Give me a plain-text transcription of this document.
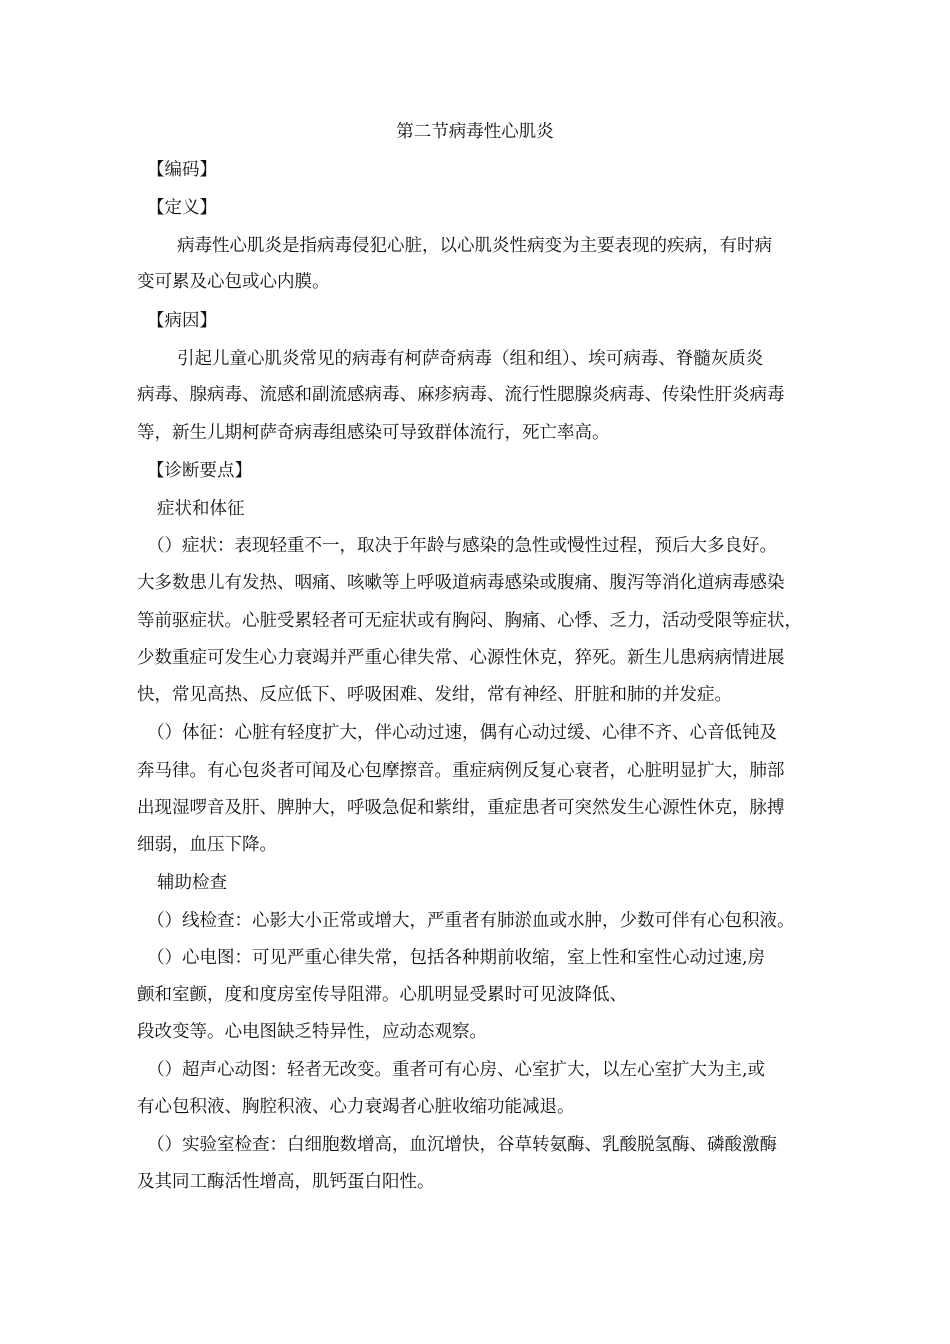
第二节病毒性心肌炎
【编码】
【定义】
病毒性心肌炎是指病毒侵犯心脏，以心肌炎性病变为主要表现的疾病，有时病
变可累及心包或心内膜。
【病因】
引起儿童心肌炎常见的病毒有柯萨奇病毒（组和组）、埃可病毒、脊髓灰质炎
病毒、腺病毒、流感和副流感病毒、麻疹病毒、流行性腮腺炎病毒、传染性肝炎病毒
等，新生儿期柯萨奇病毒组感染可导致群体流行，死亡率高。
【诊断要点】
症状和体征
（）症状：表现轻重不一，取决于年龄与感染的急性或慢性过程，预后大多良好。
大多数患儿有发热、咽痛、咳嗽等上呼吸道病毒感染或腹痛、腹泻等消化道病毒感染
等前驱症状。心脏受累轻者可无症状或有胸闷、胸痛、心悸、乏力，活动受限等症状，
少数重症可发生心力衰竭并严重心律失常、心源性休克，猝死。新生儿患病病情进展
快，常见高热、反应低下、呼吸困难、发绀，常有神经、肝脏和肺的并发症。
（）体征：心脏有轻度扩大，伴心动过速，偶有心动过缓、心律不齐、心音低钝及
奔马律。有心包炎者可闻及心包摩擦音。重症病例反复心衰者，心脏明显扩大，肺部
出现湿啰音及肝、脾肿大，呼吸急促和紫绀，重症患者可突然发生心源性休克，脉搏
细弱，血压下降。
辅助检查
（）线检查：心影大小正常或增大，严重者有肺淤血或水肿，少数可伴有心包积液。
（）心电图：可见严重心律失常，包括各种期前收缩，室上性和室性心动过速,房
颤和室颤，度和度房室传导阻滞。心肌明显受累时可见波降低、
段改变等。心电图缺乏特异性，应动态观察。
（）超声心动图：轻者无改变。重者可有心房、心室扩大，以左心室扩大为主,或
有心包积液、胸腔积液、心力衰竭者心脏收缩功能减退。
（）实验室检查：白细胞数增高，血沉增快，谷草转氨酶、乳酸脱氢酶、磷酸激酶
及其同工酶活性增高，肌钙蛋白阳性。
